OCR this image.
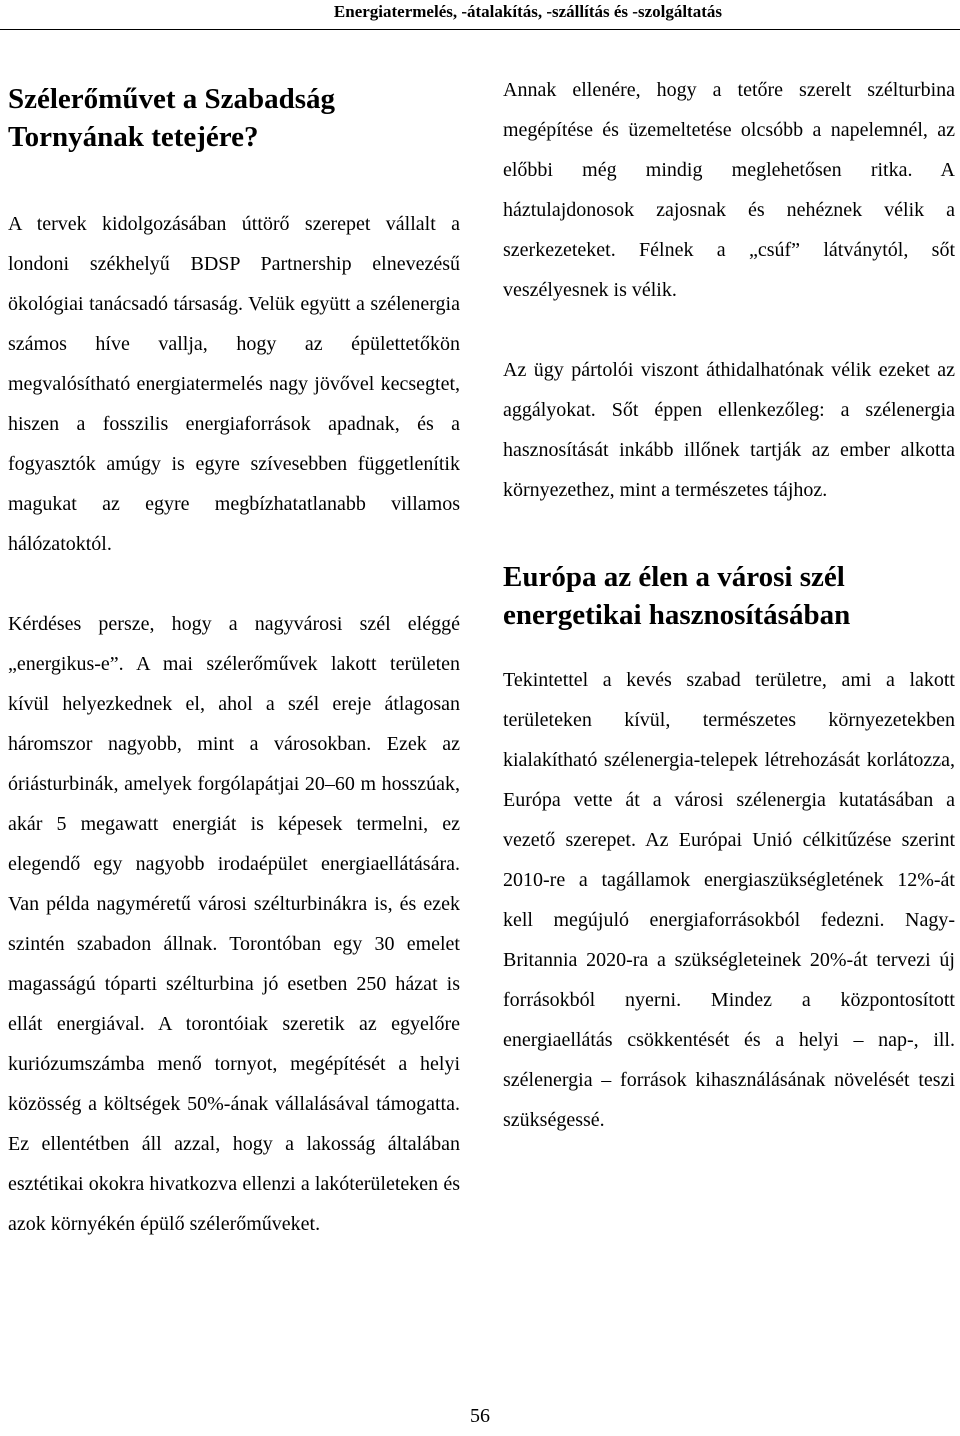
Energiatermelés, -átalakítás, -szállítás és -szolgáltatás
Szélerőművet a Szabadság Tornyának tetejére?

A tervek kidolgozásában úttörő szerepet vállalt a londoni székhelyű BDSP Partnership elnevezésű ökológiai tanácsadó társaság. Velük együtt a szélenergia számos híve vallja, hogy az épülettetőkön megvalósítható energiatermelés nagy jövővel kecsegtet, hiszen a fosszilis energiaforrások apadnak, és a fogyasztók amúgy is egyre szívesebben függetlenítik magukat az egyre megbízhatatlanabb villamos hálózatoktól.

Kérdéses persze, hogy a nagyvárosi szél eléggé „energikus-e”. A mai szélerőművek lakott területen kívül helyezkednek el, ahol a szél ereje átlagosan háromszor nagyobb, mint a városokban. Ezek az óriásturbinák, amelyek forgólapátjai 20–60 m hosszúak, akár 5 megawatt energiát is képesek termelni, ez elegendő egy nagyobb irodaépület energiaellátására. Van példa nagyméretű városi szélturbinákra is, és ezek szintén szabadon állnak. Torontóban egy 30 emelet magasságú tóparti szélturbina jó esetben 250 házat is ellát energiával. A torontóiak szeretik az egyelőre kuriózumszámba menő tornyot, megépítését a helyi közösség a költségek 50%-ának vállalásával támogatta. Ez ellentétben áll azzal, hogy a lakosság általában esztétikai okokra hivatkozva ellenzi a lakóterületeken és azok környékén épülő szélerőműveket.

Annak ellenére, hogy a tetőre szerelt szélturbina megépítése és üzemeltetése olcsóbb a napelemnél, az előbbi még mindig meglehetősen ritka. A háztulajdonosok zajosnak és nehéznek vélik a szerkezeteket. Félnek a „csúf” látványtól, sőt veszélyesnek is vélik.

Az ügy pártolói viszont áthidalhatónak vélik ezeket az aggályokat. Sőt éppen ellenkezőleg: a szélenergia hasznosítását inkább illőnek tartják az ember alkotta környezethez, mint a természetes tájhoz.

Európa az élen a városi szél energetikai hasznosításában

Tekintettel a kevés szabad területre, ami a lakott területeken kívül, természetes környezetekben kialakítható szélenergia-telepek létrehozását korlátozza, Európa vette át a városi szélenergia kutatásában a vezető szerepet. Az Európai Unió célkitűzése szerint 2010-re a tagállamok energiaszükségletének 12%-át kell megújuló energiaforrásokból fedezni. Nagy-Britannia 2020-ra a szükségleteinek 20%-át tervezi új forrásokból nyerni. Mindez a központosított energiaellátás csökkentését és a helyi – nap-, ill. szélenergia – források kihasználásának növelését teszi szükségessé.

56
